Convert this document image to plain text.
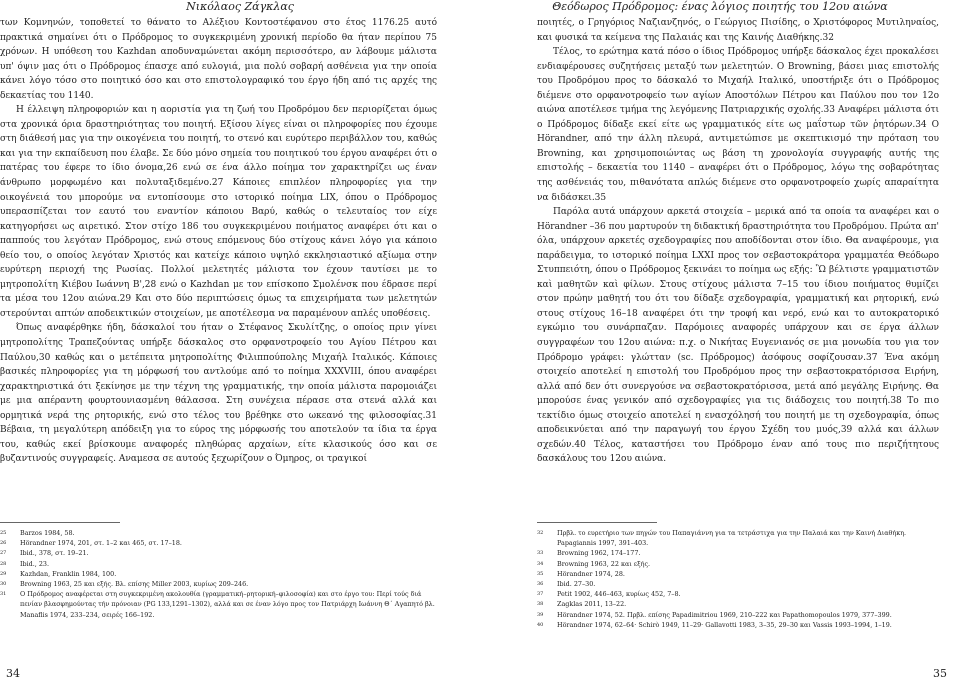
Νικόλαος Ζάγκλας

των Κομνηνών, τοποθετεί το θάνατο το Αλέξιου Κοντοστέφανου στο έτος 1176.25 αυτό πρακτικά σημαίνει ότι ο Πρόδρομος το συγκεκριμένη χρονική περίοδο θα ήταν περίπου 75 χρόνων. Η υπόθεση του Kazhdan αποδυναμώνεται ακόμη περισσότερο, αν λάβουμε μάλιστα υπ' όψιν μας ότι ο Πρόδρομος έπασχε από ευλογιά, μια πολύ σοβαρή ασθένεια για την οποία κάνει λόγο τόσο στο ποιητικό όσο και στο επιστολογραφικό του έργο ήδη από τις αρχές της δεκαετίας του 1140.

Η έλλειψη πληροφοριών και η αοριστία για τη ζωή του Προδρόμου δεν περιορίζεται όμως στα χρονικά όρια δραστηριότητας του ποιητή. Εξίσου λίγες είναι οι πληροφορίες που έχουμε στη διάθεσή μας για την οικογένεια του ποιητή, το στενό και ευρύτερο περιβάλλον του, καθώς και για την εκπαίδευση που έλαβε. Σε δύο μόνο σημεία του ποιητικού του έργου αναφέρει ότι ο πατέρας του έφερε το ίδιο όνομα,26 ενώ σε ένα άλλο ποίημα τον χαρακτηρίζει ως έναν άνθρωπο μορφωμένο και πολυταξιδεμένο.27 Κάποιες επιπλέον πληροφορίες για την οικογένειά του μπορούμε να εντοπίσουμε στο ιστορικό ποίημα LIX, όπου ο Πρόδρομος υπερασπίζεται τον εαυτό του εναντίον κάποιου Βαρύ, καθώς ο τελευταίος τον είχε κατηγορήσει ως αιρετικό. Στον στίχο 186 του συγκεκριμένου ποιήματος αναφέρει ότι και ο παππούς του λεγόταν Πρόδρομος, ενώ στους επόμενους δύο στίχους κάνει λόγο για κάποιο θείο του, ο οποίος λεγόταν Χριστός και κατείχε κάποιο υψηλό εκκλησιαστικό αξίωμα στην ευρύτερη περιοχή της Ρωσίας. Πολλοί μελετητές μάλιστα τον έχουν ταυτίσει με το μητροπολίτη Κιέβου Ιωάννη Β',28 ενώ ο Kazhdan με τον επίσκοπο Σμολένσκ που έδρασε περί τα μέσα του 12ου αιώνα.29 Και στο δύο περιπτώσεις όμως τα επιχειρήματα των μελετητών στερούνται απτών αποδεικτικών στοιχείων, με αποτέλεσμα να παραμένουν απλές υποθέσεις.

Όπως αναφέρθηκε ήδη, δάσκαλοί του ήταν ο Στέφανος Σκυλίτζης, ο οποίος πριν γίνει μητροπολίτης Τραπεζούντας υπήρξε δάσκαλος στο ορφανοτροφείο του Αγίου Πέτρου και Παύλου,30 καθώς και ο μετέπειτα μητροπολίτης Φιλιππούπολης Μιχαήλ Ιταλικός. Κάποιες βασικές πληροφορίες για τη μόρφωσή του αντλούμε από το ποίημα XXXVIII, όπου αναφέρει χαρακτηριστικά ότι ξεκίνησε με την τέχνη της γραμματικής, την οποία μάλιστα παρομοιάζει με μια απέραντη φουρτουνιασμένη θάλασσα. Στη συνέχεια πέρασε στα στενά αλλά και ορμητικά νερά της ρητορικής, ενώ στο τέλος του βρέθηκε στο ωκεανό της φιλοσοφίας.31 Βέβαια, τη μεγαλύτερη απόδειξη για το εύρος της μόρφωσής του αποτελούν τα ίδια τα έργα του, καθώς εκεί βρίσκουμε αναφορές πληθώρας αρχαίων, είτε κλασικούς όσο και σε βυζαντινούς συγγραφείς. Αναμεσα σε αυτούς ξεχωρίζουν ο Όμηρος, οι τραγικοί

25	Barzos 1984, 58.
26	Hörandner 1974, 201, στ. 1–2 και 465, στ. 17–18.
27	Ibid., 378, στ. 19–21.
28	Ibid., 23.
29	Kazhdan, Franklin 1984, 100.
30	Browning 1963, 25 και εξής. Βλ. επίσης Miller 2003, κυρίως 209–246.
31	Ο Πρόδρομος αναφέρεται στη συγκεκριμένη ακολουθία (γραμματική–ρητορική–φιλοσοφία) και στο έργο του: Περί τούς διά πενίαν βλασφημούντας τήν πρόνοιαν (PG 133,1291–1302), αλλά και σε έναν λόγο προς τον Πατριάρχη Ιωάννη Θ΄ Αγαπητό βλ. Manaflis 1974, 233–234, σειρές 166–192.
34
Θεόδωρος Πρόδρομος: ένας λόγιος ποιητής του 12ου αιώνα

ποιητές, ο Γρηγόριος Ναζιανζηνός, ο Γεώργιος Πισίδης, ο Χριστόφορος Μυτιληναίος, και φυσικά τα κείμενα της Παλαιάς και της Καινής Διαθήκης.32

Τέλος, το ερώτημα κατά πόσο ο ίδιος Πρόδρομος υπήρξε δάσκαλος έχει προκαλέσει ενδιαφέρουσες συζητήσεις μεταξύ των μελετητών. Ο Browning, βάσει μιας επιστολής του Προδρόμου προς το δάσκαλό το Μιχαήλ Ιταλικό, υποστήριξε ότι ο Πρόδρομος διέμενε στο ορφανοτροφείο των αγίων Αποστόλων Πέτρου και Παύλου που τον 12ο αιώνα αποτέλεσε τμήμα της λεγόμενης Πατριαρχικής σχολής.33 Αναφέρει μάλιστα ότι ο Πρόδρομος δίδαξε εκεί είτε ως γραμματικός είτε ως μαΐστωρ τῶν ῥητόρων.34 Ο Hörandner, από την άλλη πλευρά, αντιμετώπισε με σκεπτικισμό την πρόταση του Browning, και χρησιμοποιώντας ως βάση τη χρονολογία συγγραφής αυτής της επιστολής – δεκαετία του 1140 – αναφέρει ότι ο Πρόδρομος, λόγω της σοβαρότητας της ασθένειάς του, πιθανότατα απλώς διέμενε στο ορφανοτροφείο χωρίς απαραίτητα να διδάσκει.35

Παρόλα αυτά υπάρχουν αρκετά στοιχεία – μερικά από τα οποία τα αναφέρει και ο Hörandner –36 που μαρτυρούν τη διδακτική δραστηριότητα του Προδρόμου. Πρώτα απ' όλα, υπάρχουν αρκετές σχεδογραφίες που αποδίδονται στον ίδιο. Θα αναφέρουμε, για παράδειγμα, το ιστορικό ποίημα LXXI προς τον σεβαστοκράτορα γραμματέα Θεόδωρο Στυππειότη, όπου ο Πρόδρομος ξεκινάει το ποίημα ως εξής: Ὢ βέλτιστε γραμματιστῶν καὶ μαθητῶν καὶ φίλων. Στους στίχους μάλιστα 7–15 του ίδιου ποιήματος θυμίζει στον πρώην μαθητή του ότι του δίδαξε σχεδογραφία, γραμματική και ρητορική, ενώ στους στίχους 16–18 αναφέρει ότι την τροφή και νερό, ενώ και το αυτοκρατορικό εγκώμιο του συνάρπαζαν. Παρόμοιες αναφορές υπάρχουν και σε έργα άλλων συγγραφέων του 12ου αιώνα: π.χ. ο Νικήτας Ευγενιανός σε μια μονωδία του για τον Πρόδρομο γράφει: γλώτταν (sc. Πρόδρομος) ἀσόφους σοφίζουσαν.37 Ένα ακόμη στοιχείο αποτελεί η επιστολή του Προδρόμου προς την σεβαστοκρατόρισσα Ειρήνη, αλλά από δεν ότι συνεργούσε να σεβαστοκρατόρισσα, μετά από μεγάλης Ειρήνης. Θα μπορούσε ένας γενικόν από σχεδογραφίες για τις διάδοχεις του ποιητή.38 Το πιο τεκτίδιο όμως στοιχείο αποτελεί η ενασχόλησή του ποιητή με τη σχεδογραφία, όπως αποδεικνύεται από την παραγωγή του έργου Σχέδη του μυός,39 αλλά και άλλων σχεδών.40 Τέλος, καταστήσει του Πρόδρομο έναν από τους πιο περιζήτητους δασκάλους του 12ου αιώνα.

32	Πρβλ. το ευρετήριο των πηγών του Παπαγιάννη για τα τετράστιχα για την Παλαιά και την Καινή Διαθήκη. Papagiannis 1997, 391–403.
33	Browning 1962, 174–177.
34	Browning 1963, 22 και εξής.
35	Hörandner 1974, 28.
36	Ibid. 27–30.
37	Petit 1902, 446–463, κυρίως 452, 7–8.
38	Zagklas 2011, 13–22.
39	Hörandner 1974, 52. Πρβλ. επίσης Papadimitriou 1969, 210–222 και Papathomopoulos 1979, 377–399.
40	Hörandner 1974, 62–64· Schirò 1949, 11–29· Gallavotti 1983, 3–35, 29–30 και Vassis 1993–1994, 1–19.
35
